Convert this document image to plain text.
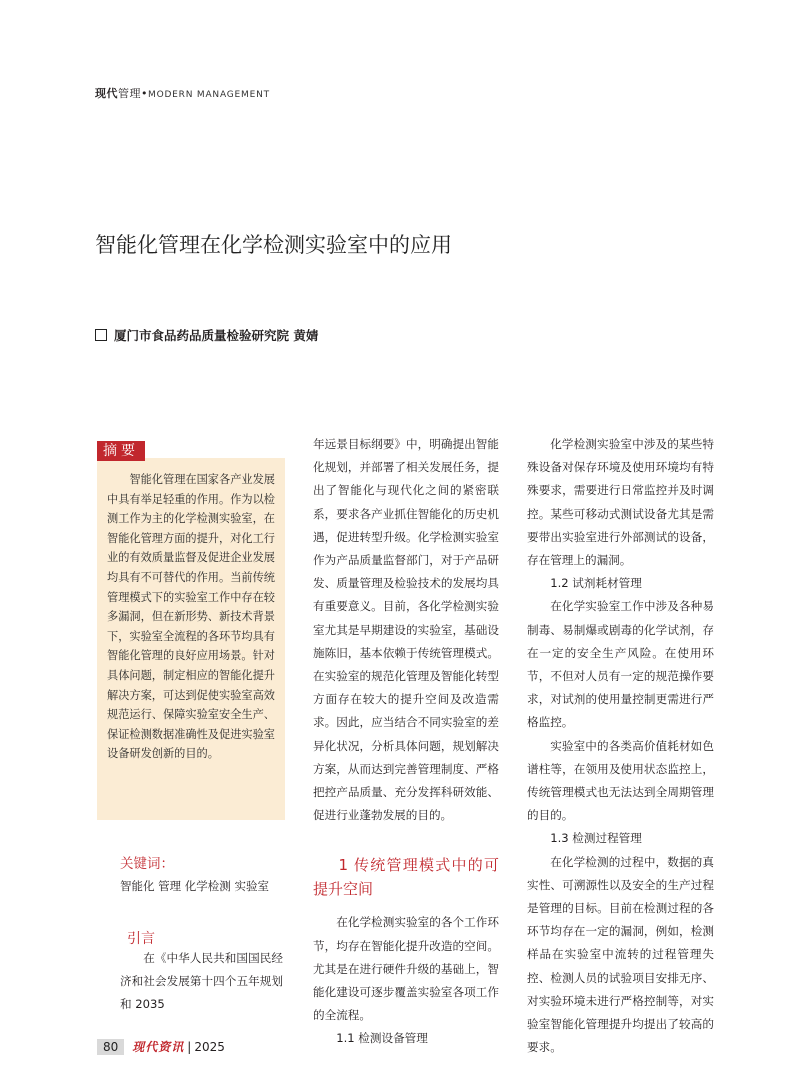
现代管理•MODERN MANAGEMENT
智能化管理在化学检测实验室中的应用
厦门市食品药品质量检验研究院 黄婧
智能化管理在国家各产业发展中具有举足轻重的作用。作为以检测工作为主的化学检测实验室，在智能化管理方面的提升，对化工行业的有效质量监督及促进企业发展均具有不可替代的作用。当前传统管理模式下的实验室工作中存在较多漏洞，但在新形势、新技术背景下，实验室全流程的各环节均具有智能化管理的良好应用场景。针对具体问题，制定相应的智能化提升解决方案，可达到促使实验室高效规范运行、保障实验室安全生产、保证检测数据准确性及促进实验室设备研发创新的目的。
摘要
关键词：
智能化 管理 化学检测 实验室
引言

在《中华人民共和国国民经济和社会发展第十四个五年规划和 2035

年远景目标纲要》中，明确提出智能化规划，并部署了相关发展任务，提出了智能化与现代化之间的紧密联系，要求各产业抓住智能化的历史机遇，促进转型升级。化学检测实验室作为产品质量监督部门，对于产品研发、质量管理及检验技术的发展均具有重要意义。目前，各化学检测实验室尤其是早期建设的实验室，基础设施陈旧，基本依赖于传统管理模式。在实验室的规范化管理及智能化转型方面存在较大的提升空间及改造需求。因此，应当结合不同实验室的差异化状况，分析具体问题，规划解决方案，从而达到完善管理制度、严格把控产品质量、充分发挥科研效能、促进行业蓬勃发展的目的。

1 传统管理模式中的可提升空间

在化学检测实验室的各个工作环节，均存在智能化提升改造的空间。尤其是在进行硬件升级的基础上，智能化建设可逐步覆盖实验室各项工作的全流程。

1.1 检测设备管理

化学检测实验室中涉及的某些特殊设备对保存环境及使用环境均有特殊要求，需要进行日常监控并及时调控。某些可移动式测试设备尤其是需要带出实验室进行外部测试的设备，存在管理上的漏洞。

1.2 试剂耗材管理

在化学实验室工作中涉及各种易制毒、易制爆或剧毒的化学试剂，存在一定的安全生产风险。在使用环节，不但对人员有一定的规范操作要求，对试剂的使用量控制更需进行严格监控。

实验室中的各类高价值耗材如色谱柱等，在领用及使用状态监控上，传统管理模式也无法达到全周期管理的目的。

1.3 检测过程管理

在化学检测的过程中，数据的真实性、可溯源性以及安全的生产过程是管理的目标。目前在检测过程的各环节均存在一定的漏洞，例如，检测样品在实验室中流转的过程管理失控、检测人员的试验项目安排无序、对实验环境未进行严格控制等，对实验室智能化管理提升均提出了较高的要求。

80	现代资讯 | 2025
